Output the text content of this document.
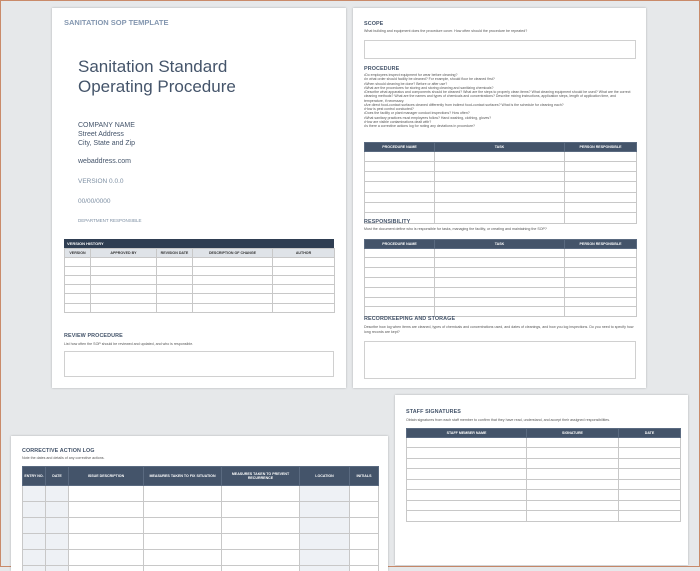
SANITATION SOP TEMPLATE
Sanitation Standard
Operating Procedure
COMPANY NAME
Street Address
City, State and Zip
webaddress.com
VERSION 0.0.0
00/00/0000
DEPARTMENT RESPONSIBLE
VERSION HISTORY
VERSION	APPROVED BY	REVISION DATE	DESCRIPTION OF CHANGE	AUTHOR

REVIEW PROCEDURE
List how often the SOP should be reviewed and updated, and who is responsible.
SCOPE
What building and equipment does the procedure cover. How often should the procedure be repeated?
PROCEDURE
• Do employees inspect equipment for wear before cleaning?
• In what order should facility be cleaned? For example, should floor be cleaned first?
• When should cleaning be done? Before or after use?
• What are the procedures for storing and storing cleaning and sanitizing chemicals?
• Describe what apparatus and components should be cleaned? What are the steps to properly clean items? What cleaning equipment should be used? What are the correct cleaning methods? What are the names and types of chemicals and concentrations? Describe mixing instructions, application steps, length of application time, and temperature, if necessary.
• Are direct food-contact surfaces cleaned differently from indirect food-contact surfaces? What is the schedule for cleaning each?
• How is pest control conducted?
• Does the facility or plant manager conduct inspections? How often?
• What sanitary practices must employees follow? Hand washing, clothing, gloves?
• How are visible contaminations dealt with?
• Is there a corrective actions log for noting any deviations in procedure?
PROCEDURE NAME	TASK	PERSON RESPONSIBLE

RESPONSIBILITY
Must the document define who is responsible for tasks, managing the facility, or creating and maintaining the SOP?
PROCEDURE NAME	TASK	PERSON RESPONSIBLE

RECORDKEEPING AND STORAGE
Describe how log when items are cleaned, types of chemicals and concentrations used, and dates of cleanings, and how you log inspections. Do you need to specify how long records are kept?
CORRECTIVE ACTION LOG
Note the dates and details of any corrective actions.
ENTRY NO.	DATE	ISSUE DESCRIPTION	MEASURES TAKEN TO FIX SITUATION	MEASURES TAKEN TO PREVENT RECURRENCE	LOCATION	INITIALS

STAFF SIGNATURES
Obtain signatures from each staff member to confirm that they have read, understand, and accept their assigned responsibilities.
STAFF MEMBER NAME	SIGNATURE	DATE
